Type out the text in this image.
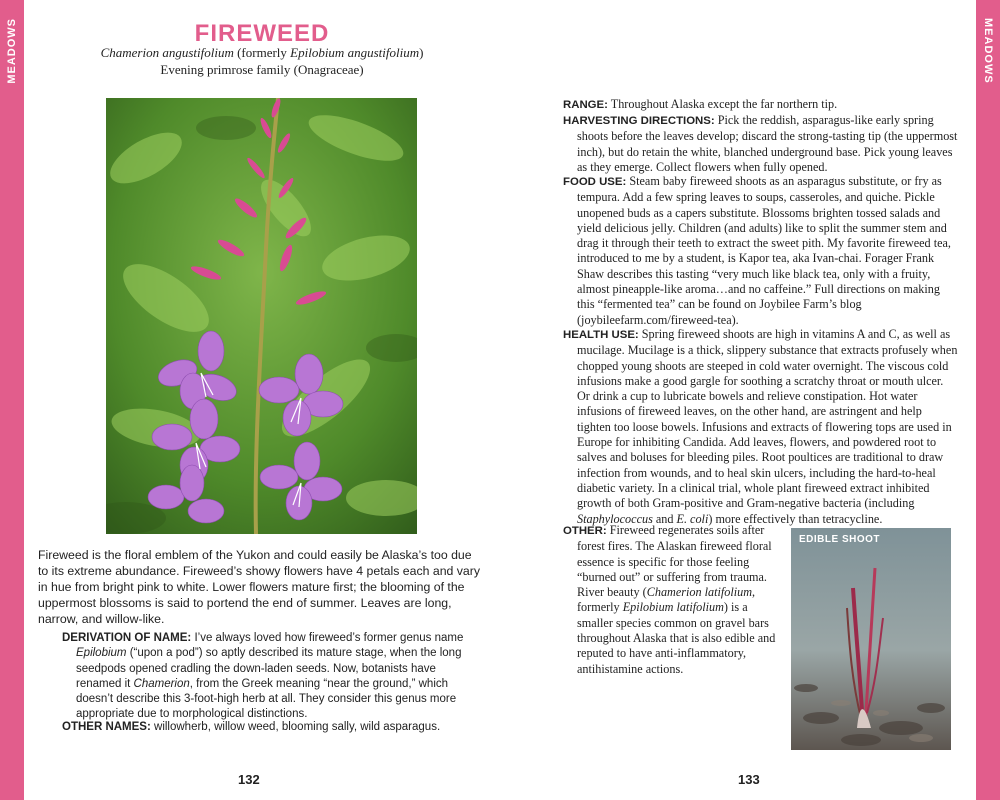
MEADOWS	MEADOWS
FIREWEED
Chamerion angustifolium (formerly Epilobium angustifolium)
Evening primrose family (Onagraceae)

Fireweed is the floral emblem of the Yukon and could easily be Alaska’s too due to its extreme abundance. Fireweed’s showy flowers have 4 petals each and vary in hue from bright pink to white. Lower flowers mature first; the blooming of the uppermost blossoms is said to portend the end of summer. Leaves are long, narrow, and willow-like.

DERIVATION OF NAME: I’ve always loved how fireweed’s former genus name Epilobium (“upon a pod”) so aptly described its mature stage, when the long seedpods opened cradling the down-laden seeds. Now, botanists have renamed it Chamerion, from the Greek meaning “near the ground,” which doesn’t describe this 3-foot-high herb at all. They consider this genus more appropriate due to morphological distinctions.
OTHER NAMES: willowherb, willow weed, blooming sally, wild asparagus.
132

RANGE: Throughout Alaska except the far northern tip.

HARVESTING DIRECTIONS: Pick the reddish, asparagus-like early spring shoots before the leaves develop; discard the strong-tasting tip (the uppermost inch), but do retain the white, blanched underground base. Pick young leaves as they emerge. Collect flowers when fully opened.

FOOD USE: Steam baby fireweed shoots as an asparagus substitute, or fry as tempura. Add a few spring leaves to soups, casseroles, and quiche. Pickle unopened buds as a capers substitute. Blossoms brighten tossed salads and yield delicious jelly. Children (and adults) like to split the summer stem and drag it through their teeth to extract the sweet pith. My favorite fireweed tea, introduced to me by a student, is Kapor tea, aka Ivan-chai. Forager Frank Shaw describes this tasting “very much like black tea, only with a fruity, almost pineapple-like aroma…and no caffeine.” Full directions on making this “fermented tea” can be found on Joybilee Farm’s blog (joybileefarm.com/fireweed-tea).

HEALTH USE: Spring fireweed shoots are high in vitamins A and C, as well as mucilage. Mucilage is a thick, slippery substance that extracts profusely when chopped young shoots are steeped in cold water overnight. The viscous cold infusions make a good gargle for soothing a scratchy throat or mouth ulcer. Or drink a cup to lubricate bowels and relieve constipation. Hot water infusions of fireweed leaves, on the other hand, are astringent and help tighten too loose bowels. Infusions and extracts of flowering tops are used in Europe for inhibiting Candida. Add leaves, flowers, and powdered root to salves and boluses for bleeding piles. Root poultices are traditional to draw infection from wounds, and to heal skin ulcers, including the hard-to-heal diabetic variety. In a clinical trial, whole plant fireweed extract inhibited growth of both Gram-positive and Gram-negative bacteria (including Staphylococcus and E. coli) more effectively than tetracycline.

OTHER: Fireweed regenerates soils after forest fires. The Alaskan fireweed floral essence is specific for those feeling “burned out” or suffering from trauma. River beauty (Chamerion latifolium, formerly Epilobium latifolium) is a smaller species common on gravel bars throughout Alaska that is also edible and reputed to have anti-inflammatory, antihistamine actions.

EDIBLE SHOOT
133
